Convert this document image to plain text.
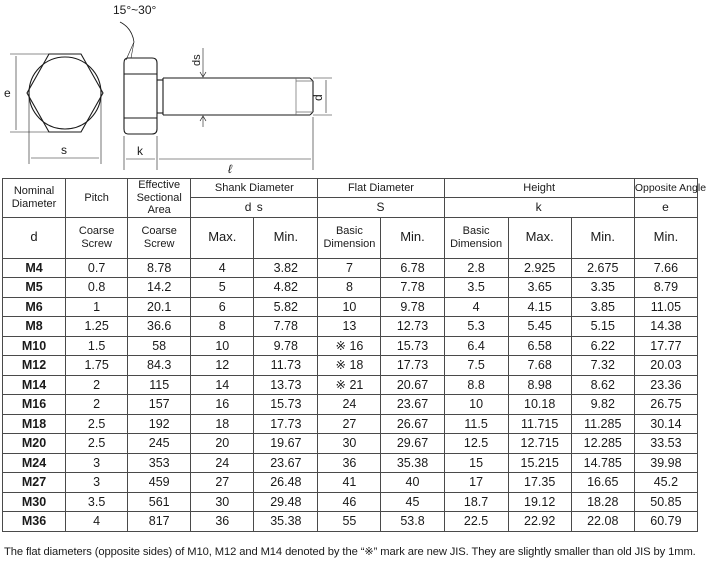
e
s
15°~30°
ds
d
k
ℓ
Nominal Diameter	Pitch	Effective Sectional Area	Shank Diameter		Flat Diameter		Height			Opposite Angle
			d s		S		k			e
d	Coarse Screw	Coarse Screw	Max.	Min.	Basic Dimension	Min.	Basic Dimension	Max.	Min.	Min.
M4	0.7	8.78	4	3.82	7	6.78	2.8	2.925	2.675	7.66
M5	0.8	14.2	5	4.82	8	7.78	3.5	3.65	3.35	8.79
M6	1	20.1	6	5.82	10	9.78	4	4.15	3.85	11.05
M8	1.25	36.6	8	7.78	13	12.73	5.3	5.45	5.15	14.38
M10	1.5	58	10	9.78	※ 16	15.73	6.4	6.58	6.22	17.77
M12	1.75	84.3	12	11.73	※ 18	17.73	7.5	7.68	7.32	20.03
M14	2	115	14	13.73	※ 21	20.67	8.8	8.98	8.62	23.36
M16	2	157	16	15.73	24	23.67	10	10.18	9.82	26.75
M18	2.5	192	18	17.73	27	26.67	11.5	11.715	11.285	30.14
M20	2.5	245	20	19.67	30	29.67	12.5	12.715	12.285	33.53
M24	3	353	24	23.67	36	35.38	15	15.215	14.785	39.98
M27	3	459	27	26.48	41	40	17	17.35	16.65	45.2
M30	3.5	561	30	29.48	46	45	18.7	19.12	18.28	50.85
M36	4	817	36	35.38	55	53.8	22.5	22.92	22.08	60.79
The flat diameters (opposite sides) of M10, M12 and M14 denoted by the “※” mark are new JIS. They are slightly smaller than old JIS by 1mm.
